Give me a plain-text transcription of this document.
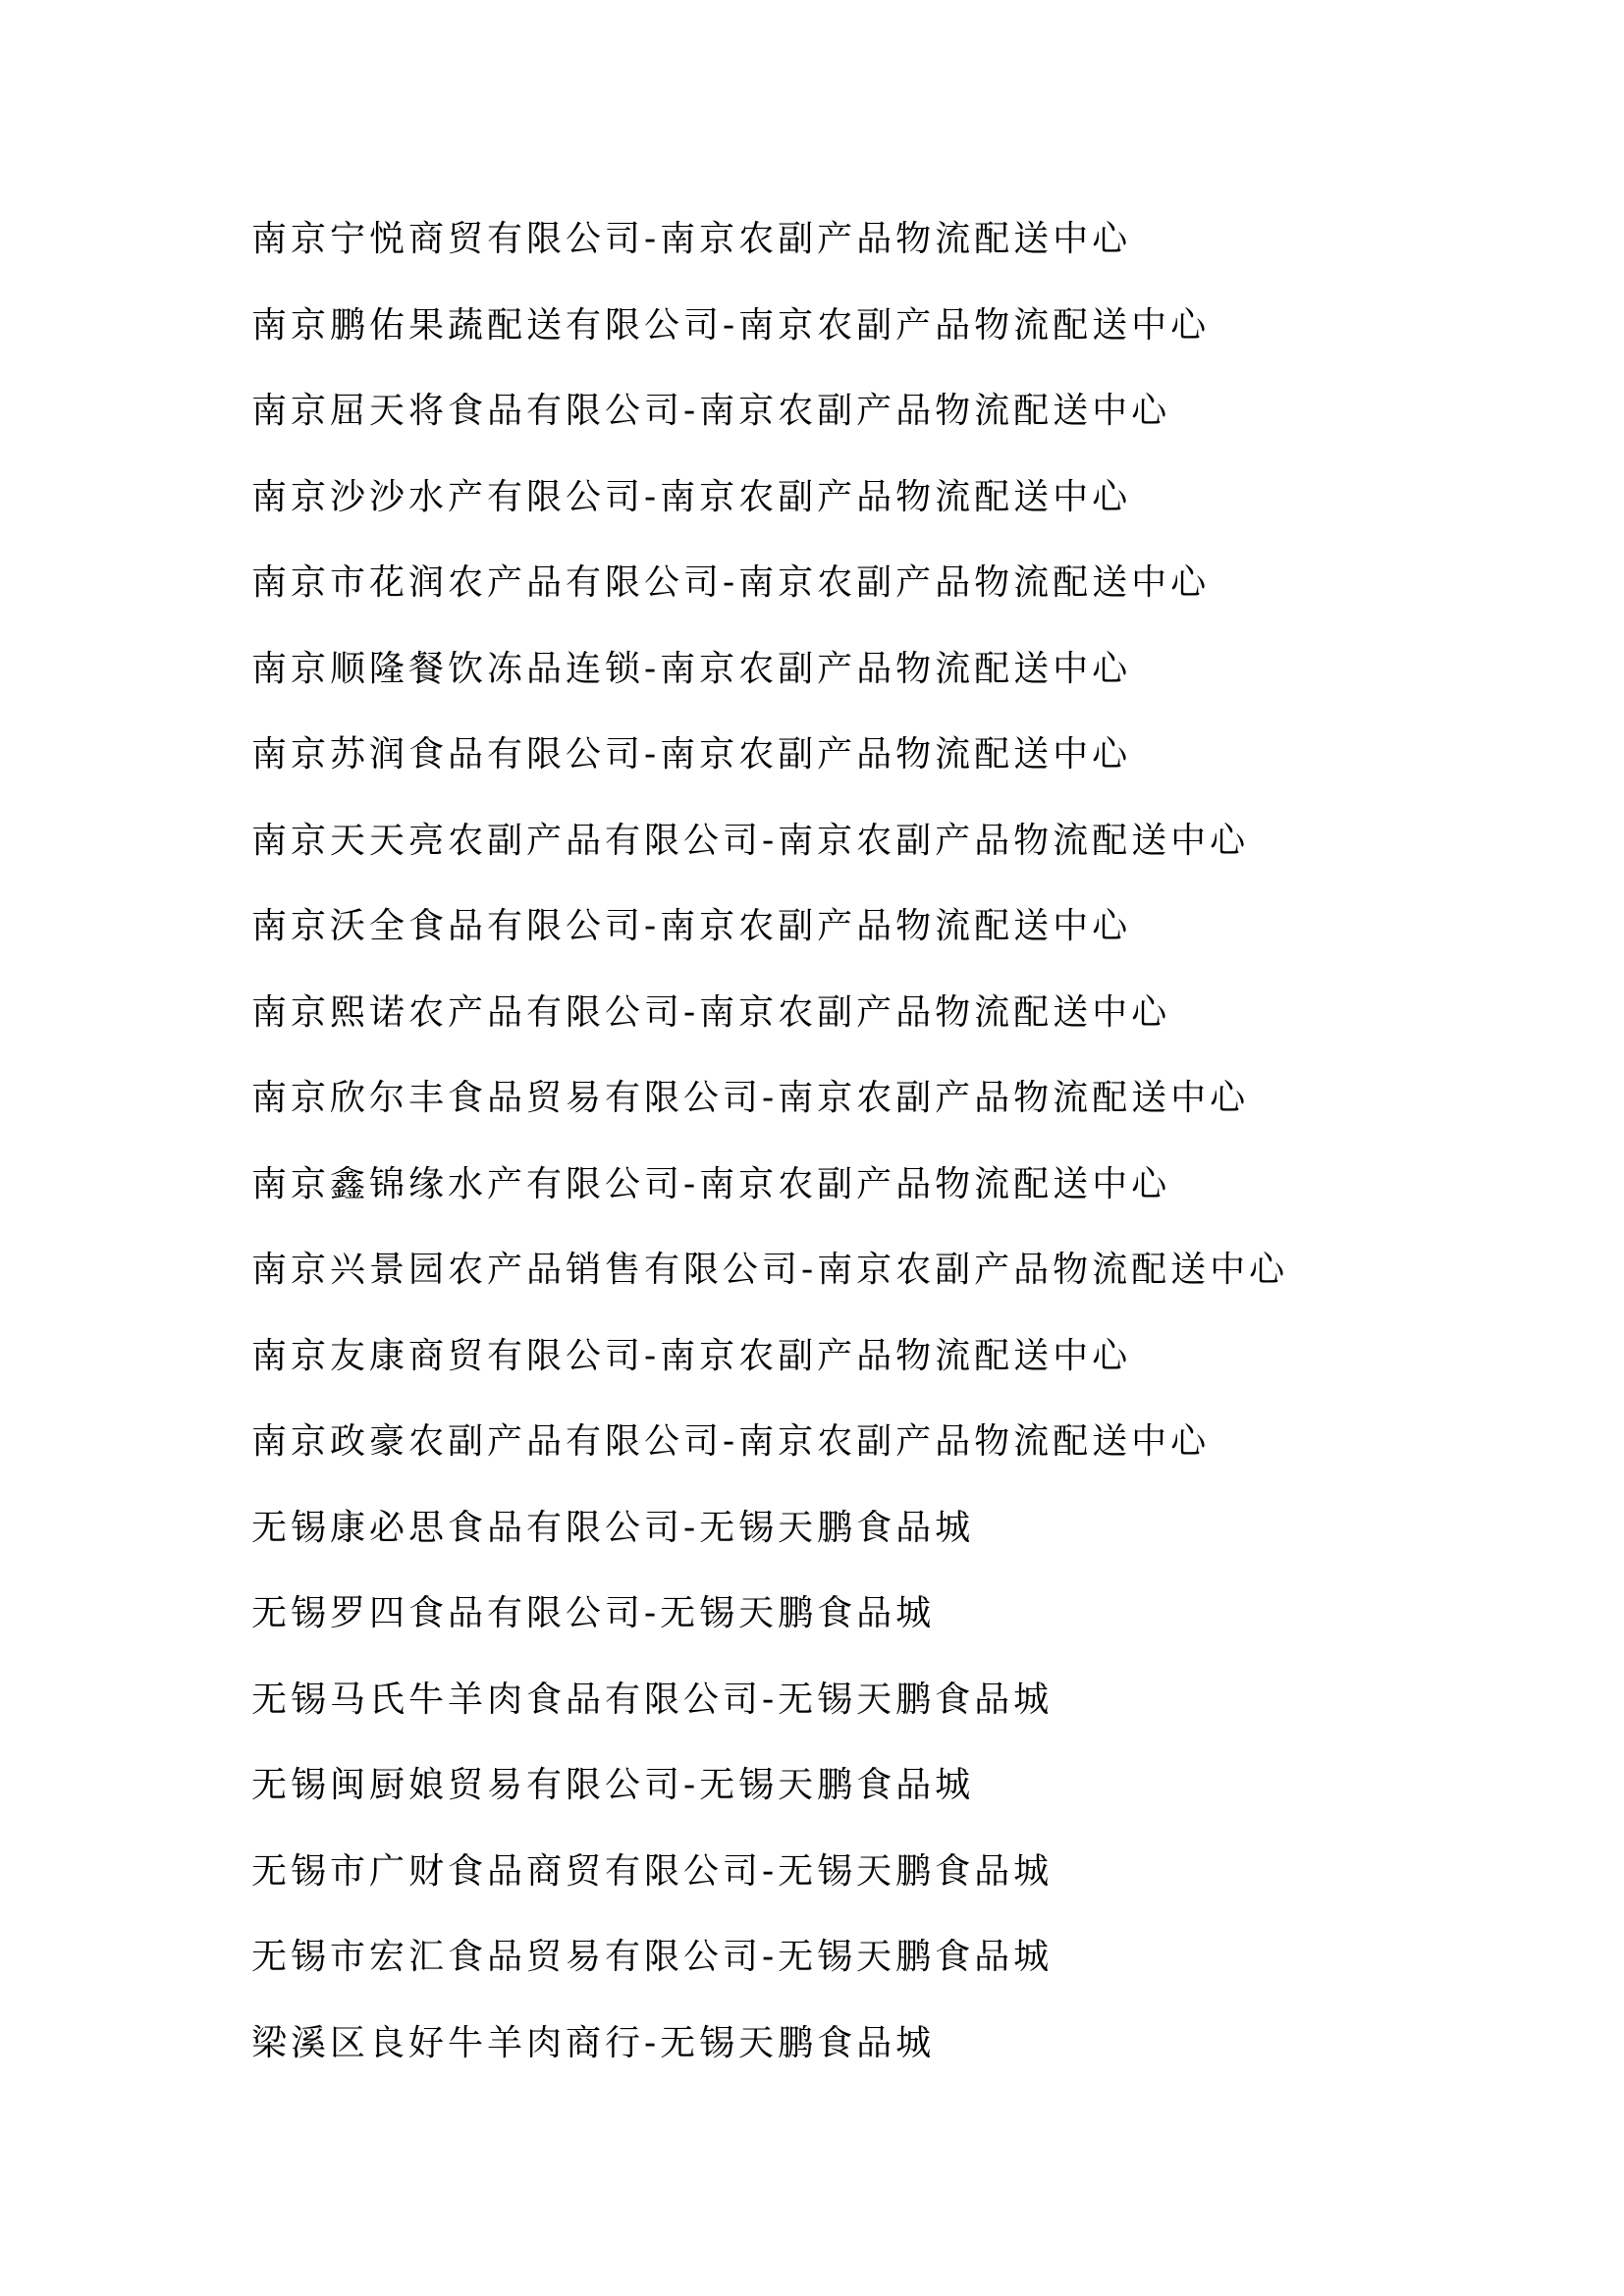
南京宁悦商贸有限公司-南京农副产品物流配送中心
南京鹏佑果蔬配送有限公司-南京农副产品物流配送中心
南京屈天将食品有限公司-南京农副产品物流配送中心
南京沙沙水产有限公司-南京农副产品物流配送中心
南京市花润农产品有限公司-南京农副产品物流配送中心
南京顺隆餐饮冻品连锁-南京农副产品物流配送中心
南京苏润食品有限公司-南京农副产品物流配送中心
南京天天亮农副产品有限公司-南京农副产品物流配送中心
南京沃全食品有限公司-南京农副产品物流配送中心
南京熙诺农产品有限公司-南京农副产品物流配送中心
南京欣尔丰食品贸易有限公司-南京农副产品物流配送中心
南京鑫锦缘水产有限公司-南京农副产品物流配送中心
南京兴景园农产品销售有限公司-南京农副产品物流配送中心
南京友康商贸有限公司-南京农副产品物流配送中心
南京政豪农副产品有限公司-南京农副产品物流配送中心
无锡康必思食品有限公司-无锡天鹏食品城
无锡罗四食品有限公司-无锡天鹏食品城
无锡马氏牛羊肉食品有限公司-无锡天鹏食品城
无锡闽厨娘贸易有限公司-无锡天鹏食品城
无锡市广财食品商贸有限公司-无锡天鹏食品城
无锡市宏汇食品贸易有限公司-无锡天鹏食品城
梁溪区良好牛羊肉商行-无锡天鹏食品城
